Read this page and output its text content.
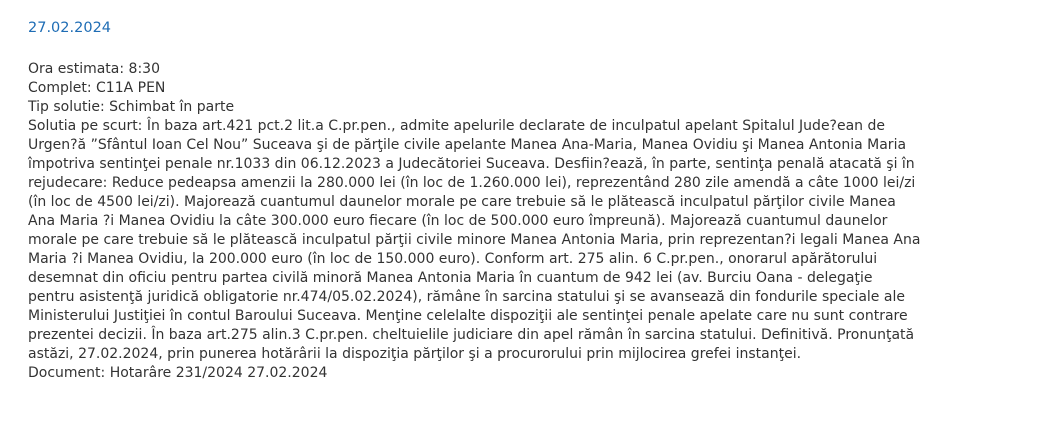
27.02.2024
Ora estimata: 8:30
Complet: C11A PEN
Tip solutie: Schimbat în parte
Solutia pe scurt: În baza art.421 pct.2 lit.a C.pr.pen., admite apelurile declarate de inculpatul apelant Spitalul Jude?ean de
Urgen?ă ”Sfântul Ioan Cel Nou” Suceava şi de părţile civile apelante Manea Ana-Maria, Manea Ovidiu şi Manea Antonia Maria
împotriva sentinţei penale nr.1033 din 06.12.2023 a Judecătoriei Suceava. Desfiin?ează, în parte, sentinţa penală atacată şi în
rejudecare: Reduce pedeapsa amenzii la 280.000 lei (în loc de 1.260.000 lei), reprezentând 280 zile amendă a câte 1000 lei/zi
(în loc de 4500 lei/zi). Majorează cuantumul daunelor morale pe care trebuie să le plătească inculpatul părţilor civile Manea
Ana Maria ?i Manea Ovidiu la câte 300.000 euro fiecare (în loc de 500.000 euro împreună). Majorează cuantumul daunelor
morale pe care trebuie să le plătească inculpatul părţii civile minore Manea Antonia Maria, prin reprezentan?i legali Manea Ana
Maria ?i Manea Ovidiu, la 200.000 euro (în loc de 150.000 euro). Conform art. 275 alin. 6 C.pr.pen., onorarul apărătorului
desemnat din oficiu pentru partea civilă minoră Manea Antonia Maria în cuantum de 942 lei (av. Burciu Oana - delegaţie
pentru asistenţă juridică obligatorie nr.474/05.02.2024), rămâne în sarcina statului şi se avansează din fondurile speciale ale
Ministerului Justiţiei în contul Baroului Suceava. Menţine celelalte dispoziţii ale sentinţei penale apelate care nu sunt contrare
prezentei decizii. În baza art.275 alin.3 C.pr.pen. cheltuielile judiciare din apel rămân în sarcina statului. Definitivă. Pronunţată
astăzi, 27.02.2024, prin punerea hotărârii la dispoziţia părţilor şi a procurorului prin mijlocirea grefei instanţei.
Document: Hotarâre 231/2024 27.02.2024
